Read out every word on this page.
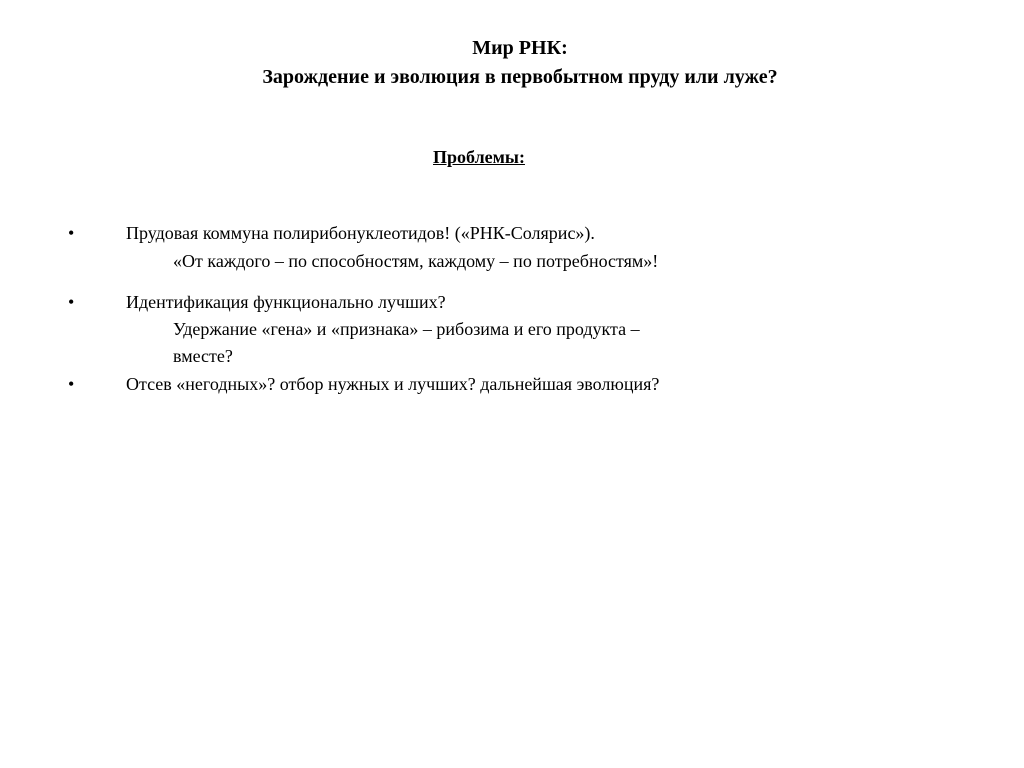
Мир РНК:
Зарождение и эволюция в первобытном пруду или луже?
Проблемы:
•	Прудовая коммуна полирибонуклеотидов! («РНК-Солярис»).
«От каждого – по способностям, каждому – по потребностям»!
•	Идентификация функционально лучших?
Удержание «гена» и «признака» – рибозима и его продукта –
вместе?
•	Отсев «негодных»? отбор нужных и лучших? дальнейшая эволюция?
